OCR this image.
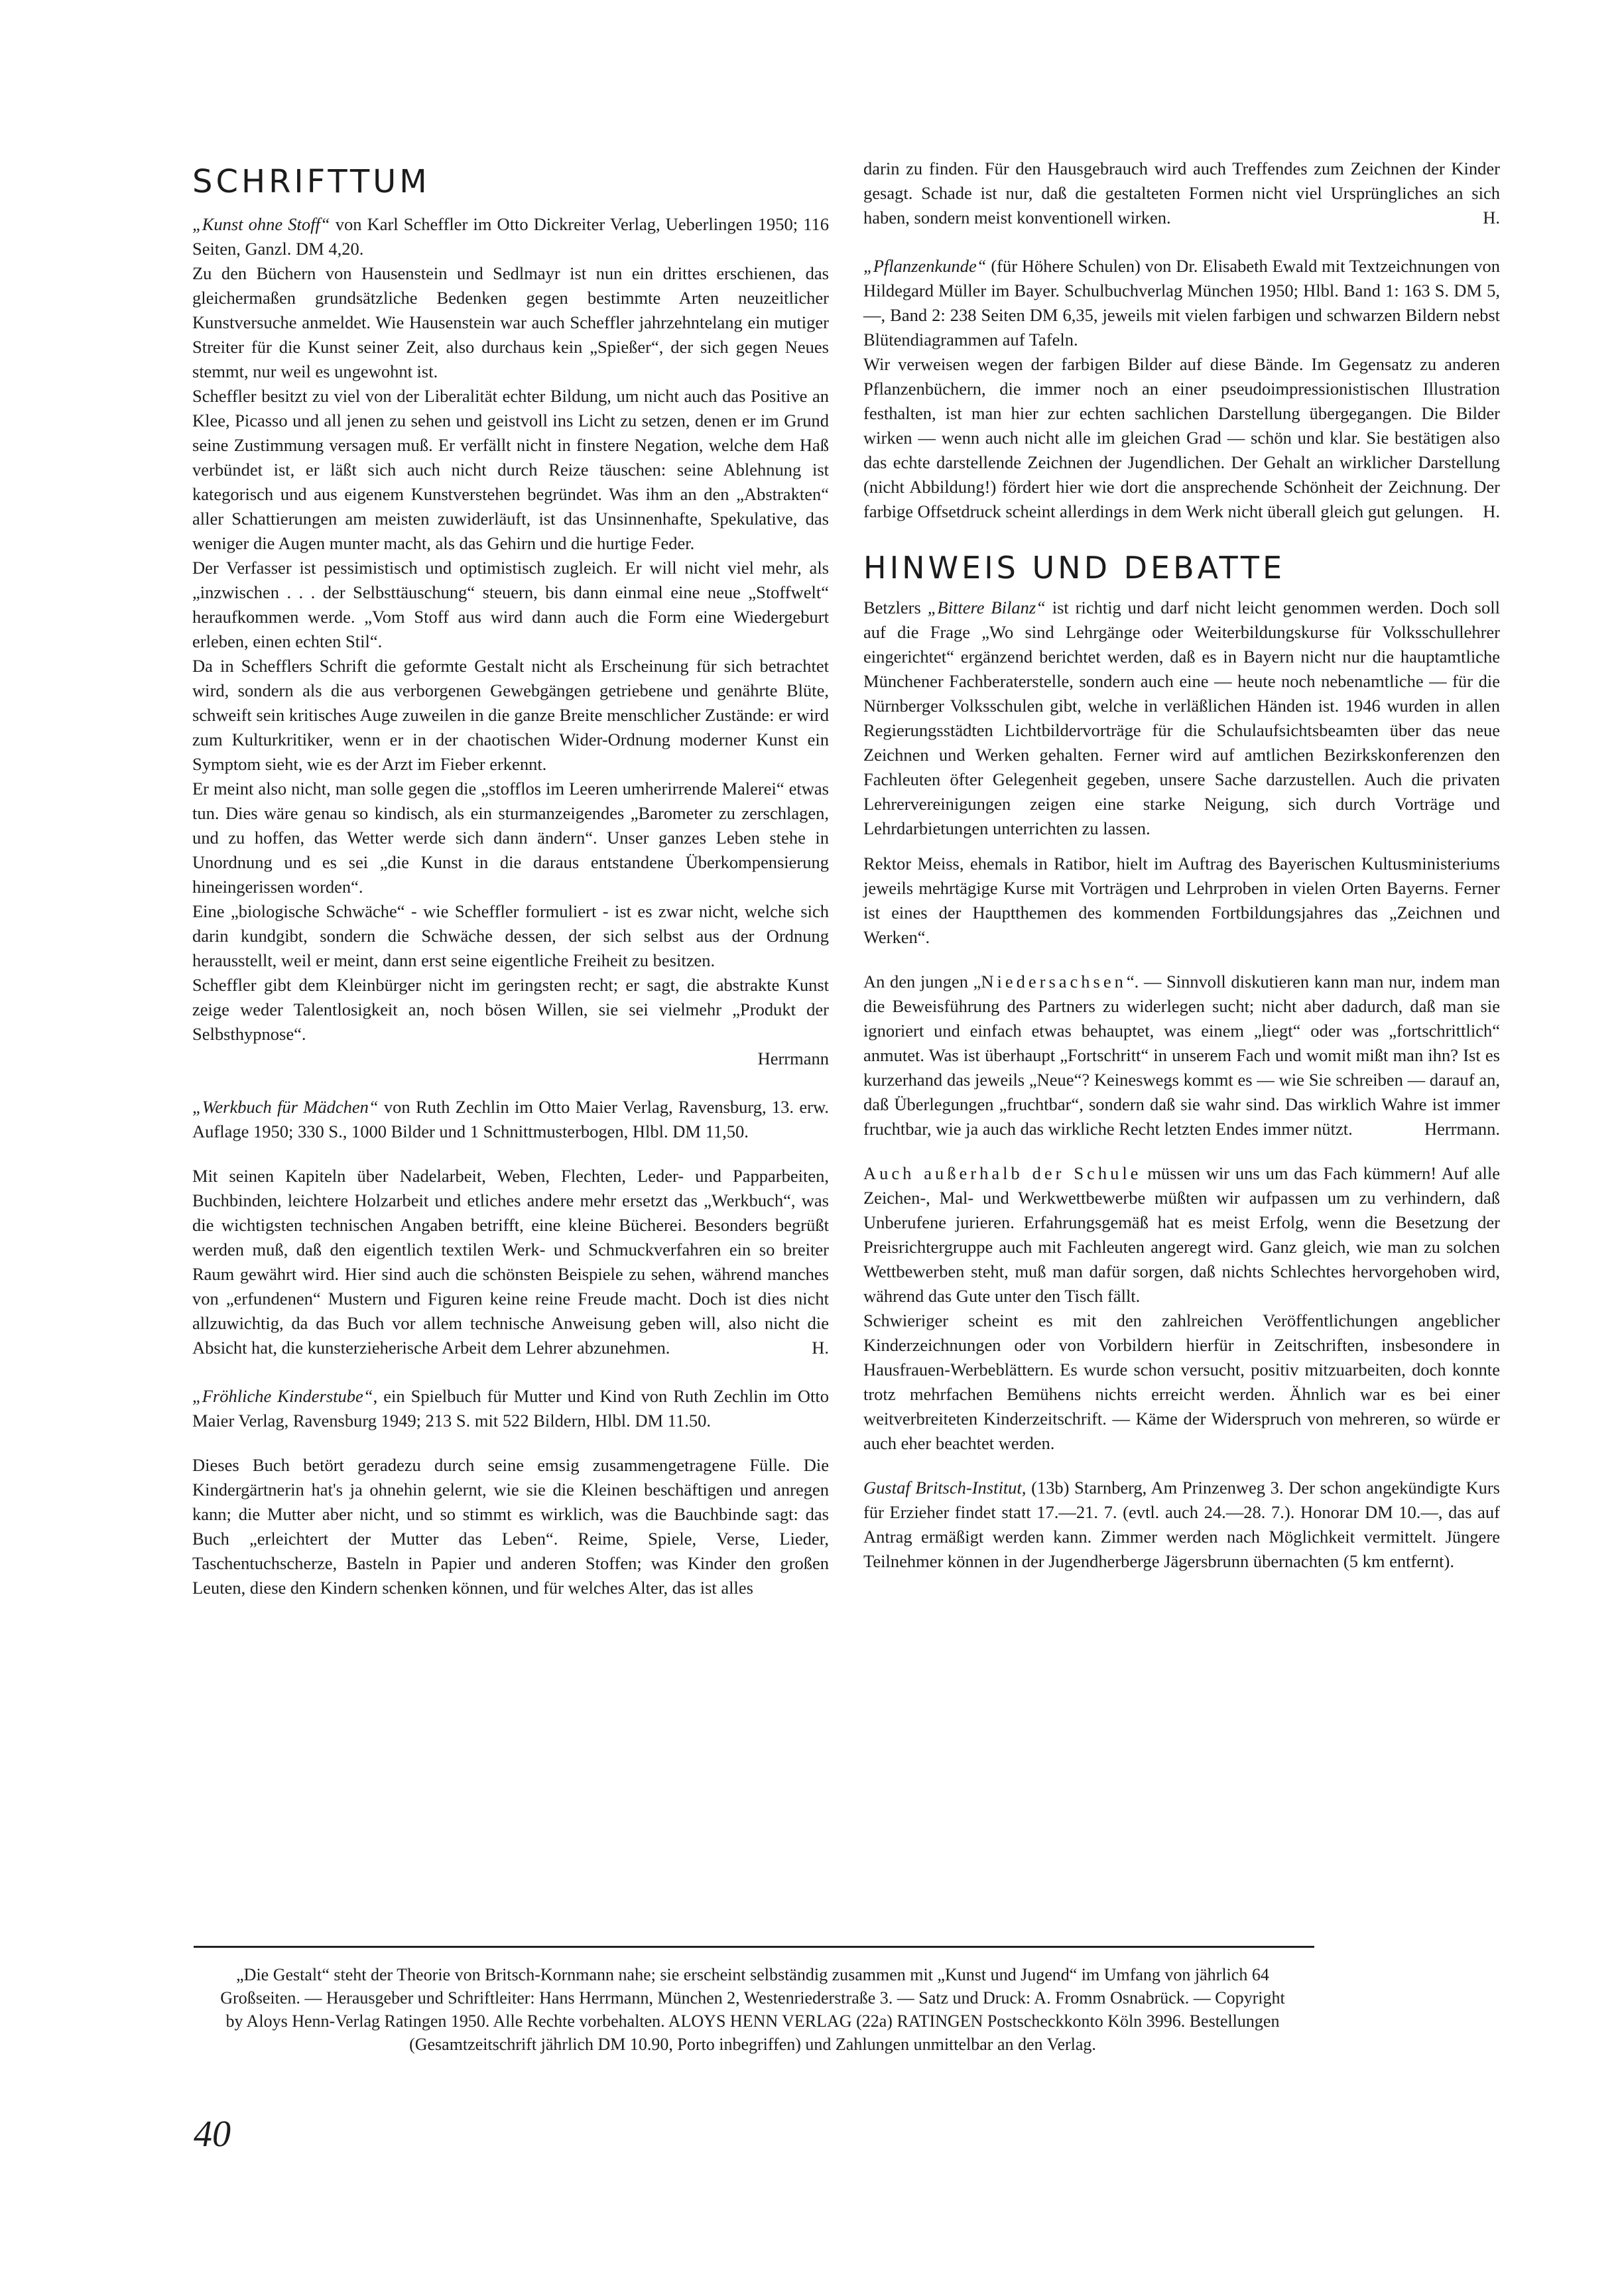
SCHRIFTTUM

„Kunst ohne Stoff“ von Karl Scheffler im Otto Dickreiter Verlag, Ueberlingen 1950; 116 Seiten, Ganzl. DM 4,20.

Zu den Büchern von Hausenstein und Sedlmayr ist nun ein drittes erschienen, das gleichermaßen grundsätzliche Bedenken gegen bestimmte Arten neuzeitlicher Kunstversuche anmeldet. Wie Hausenstein war auch Scheffler jahrzehntelang ein mutiger Streiter für die Kunst seiner Zeit, also durchaus kein „Spießer“, der sich gegen Neues stemmt, nur weil es ungewohnt ist.

Scheffler besitzt zu viel von der Liberalität echter Bildung, um nicht auch das Positive an Klee, Picasso und all jenen zu sehen und geistvoll ins Licht zu setzen, denen er im Grund seine Zustimmung versagen muß. Er verfällt nicht in finstere Negation, welche dem Haß verbündet ist, er läßt sich auch nicht durch Reize täuschen: seine Ablehnung ist kategorisch und aus eigenem Kunstverstehen begründet. Was ihm an den „Abstrakten“ aller Schattierungen am meisten zuwiderläuft, ist das Unsinnenhafte, Spekulative, das weniger die Augen munter macht, als das Gehirn und die hurtige Feder.

Der Verfasser ist pessimistisch und optimistisch zugleich. Er will nicht viel mehr, als „inzwischen . . . der Selbsttäuschung“ steuern, bis dann einmal eine neue „Stoffwelt“ heraufkommen werde. „Vom Stoff aus wird dann auch die Form eine Wiedergeburt erleben, einen echten Stil“.

Da in Schefflers Schrift die geformte Gestalt nicht als Erscheinung für sich betrachtet wird, sondern als die aus verborgenen Gewebgängen getriebene und genährte Blüte, schweift sein kritisches Auge zuweilen in die ganze Breite menschlicher Zustände: er wird zum Kulturkritiker, wenn er in der chaotischen Wider-Ordnung moderner Kunst ein Symptom sieht, wie es der Arzt im Fieber erkennt.

Er meint also nicht, man solle gegen die „stofflos im Leeren umherirrende Malerei“ etwas tun. Dies wäre genau so kindisch, als ein sturmanzeigendes „Barometer zu zerschlagen, und zu hoffen, das Wetter werde sich dann ändern“. Unser ganzes Leben stehe in Unordnung und es sei „die Kunst in die daraus entstandene Überkompensierung hineingerissen worden“.

Eine „biologische Schwäche“ - wie Scheffler formuliert - ist es zwar nicht, welche sich darin kundgibt, sondern die Schwäche dessen, der sich selbst aus der Ordnung herausstellt, weil er meint, dann erst seine eigentliche Freiheit zu besitzen.

Scheffler gibt dem Kleinbürger nicht im geringsten recht; er sagt, die abstrakte Kunst zeige weder Talentlosigkeit an, noch bösen Willen, sie sei vielmehr „Produkt der Selbsthypnose“.

Herrmann

„Werkbuch für Mädchen“ von Ruth Zechlin im Otto Maier Verlag, Ravensburg, 13. erw. Auflage 1950; 330 S., 1000 Bilder und 1 Schnittmusterbogen, Hlbl. DM 11,50.

Mit seinen Kapiteln über Nadelarbeit, Weben, Flechten, Leder- und Papparbeiten, Buchbinden, leichtere Holzarbeit und etliches andere mehr ersetzt das „Werkbuch“, was die wichtigsten technischen Angaben betrifft, eine kleine Bücherei. Besonders begrüßt werden muß, daß den eigentlich textilen Werk- und Schmuckverfahren ein so breiter Raum gewährt wird. Hier sind auch die schönsten Beispiele zu sehen, während manches von „erfundenen“ Mustern und Figuren keine reine Freude macht. Doch ist dies nicht allzuwichtig, da das Buch vor allem technische Anweisung geben will, also nicht die Absicht hat, die kunsterzieherische Arbeit dem Lehrer abzunehmen.	H.

„Fröhliche Kinderstube“, ein Spielbuch für Mutter und Kind von Ruth Zechlin im Otto Maier Verlag, Ravensburg 1949; 213 S. mit 522 Bildern, Hlbl. DM 11.50.

Dieses Buch betört geradezu durch seine emsig zusammengetragene Fülle. Die Kindergärtnerin hat's ja ohnehin gelernt, wie sie die Kleinen beschäftigen und anregen kann; die Mutter aber nicht, und so stimmt es wirklich, was die Bauchbinde sagt: das Buch „erleichtert der Mutter das Leben“. Reime, Spiele, Verse, Lieder, Taschentuchscherze, Basteln in Papier und anderen Stoffen; was Kinder den großen Leuten, diese den Kindern schenken können, und für welches Alter, das ist alles

darin zu finden. Für den Hausgebrauch wird auch Treffendes zum Zeichnen der Kinder gesagt. Schade ist nur, daß die gestalteten Formen nicht viel Ursprüngliches an sich haben, sondern meist konventionell wirken.	H.

„Pflanzenkunde“ (für Höhere Schulen) von Dr. Elisabeth Ewald mit Textzeichnungen von Hildegard Müller im Bayer. Schulbuchverlag München 1950; Hlbl. Band 1: 163 S. DM 5,—, Band 2: 238 Seiten DM 6,35, jeweils mit vielen farbigen und schwarzen Bildern nebst Blütendiagrammen auf Tafeln.

Wir verweisen wegen der farbigen Bilder auf diese Bände. Im Gegensatz zu anderen Pflanzenbüchern, die immer noch an einer pseudoimpressionistischen Illustration festhalten, ist man hier zur echten sachlichen Darstellung übergegangen. Die Bilder wirken — wenn auch nicht alle im gleichen Grad — schön und klar. Sie bestätigen also das echte darstellende Zeichnen der Jugendlichen. Der Gehalt an wirklicher Darstellung (nicht Abbildung!) fördert hier wie dort die ansprechende Schönheit der Zeichnung. Der farbige Offsetdruck scheint allerdings in dem Werk nicht überall gleich gut gelungen. H.

HINWEIS UND DEBATTE

Betzlers „Bittere Bilanz“ ist richtig und darf nicht leicht genommen werden. Doch soll auf die Frage „Wo sind Lehrgänge oder Weiterbildungskurse für Volksschullehrer eingerichtet“ ergänzend berichtet werden, daß es in Bayern nicht nur die hauptamtliche Münchener Fachberaterstelle, sondern auch eine — heute noch nebenamtliche — für die Nürnberger Volksschulen gibt, welche in verläßlichen Händen ist. 1946 wurden in allen Regierungsstädten Lichtbildervorträge für die Schulaufsichtsbeamten über das neue Zeichnen und Werken gehalten. Ferner wird auf amtlichen Bezirkskonferenzen den Fachleuten öfter Gelegenheit gegeben, unsere Sache darzustellen. Auch die privaten Lehrervereinigungen zeigen eine starke Neigung, sich durch Vorträge und Lehrdarbietungen unterrichten zu lassen.

Rektor Meiss, ehemals in Ratibor, hielt im Auftrag des Bayerischen Kultusministeriums jeweils mehrtägige Kurse mit Vorträgen und Lehrproben in vielen Orten Bayerns. Ferner ist eines der Hauptthemen des kommenden Fortbildungsjahres das „Zeichnen und Werken“.

An den jungen „Niedersachsen“. — Sinnvoll diskutieren kann man nur, indem man die Beweisführung des Partners zu widerlegen sucht; nicht aber dadurch, daß man sie ignoriert und einfach etwas behauptet, was einem „liegt“ oder was „fortschrittlich“ anmutet. Was ist überhaupt „Fortschritt“ in unserem Fach und womit mißt man ihn? Ist es kurzerhand das jeweils „Neue“? Keineswegs kommt es — wie Sie schreiben — darauf an, daß Überlegungen „fruchtbar“, sondern daß sie wahr sind. Das wirklich Wahre ist immer fruchtbar, wie ja auch das wirkliche Recht letzten Endes immer nützt.	Herrmann.

Auch außerhalb der Schule müssen wir uns um das Fach kümmern! Auf alle Zeichen-, Mal- und Werkwettbewerbe müßten wir aufpassen um zu verhindern, daß Unberufene jurieren. Erfahrungsgemäß hat es meist Erfolg, wenn die Besetzung der Preisrichtergruppe auch mit Fachleuten angeregt wird. Ganz gleich, wie man zu solchen Wettbewerben steht, muß man dafür sorgen, daß nichts Schlechtes hervorgehoben wird, während das Gute unter den Tisch fällt.

Schwieriger scheint es mit den zahlreichen Veröffentlichungen angeblicher Kinderzeichnungen oder von Vorbildern hierfür in Zeitschriften, insbesondere in Hausfrauen-Werbeblättern. Es wurde schon versucht, positiv mitzuarbeiten, doch konnte trotz mehrfachen Bemühens nichts erreicht werden. Ähnlich war es bei einer weitverbreiteten Kinderzeitschrift. — Käme der Widerspruch von mehreren, so würde er auch eher beachtet werden.

Gustaf Britsch-Institut, (13b) Starnberg, Am Prinzenweg 3. Der schon angekündigte Kurs für Erzieher findet statt 17.—21. 7. (evtl. auch 24.—28. 7.). Honorar DM 10.—, das auf Antrag ermäßigt werden kann. Zimmer werden nach Möglichkeit vermittelt. Jüngere Teilnehmer können in der Jugendherberge Jägersbrunn übernachten (5 km entfernt).

„Die Gestalt“ steht der Theorie von Britsch-Kornmann nahe; sie erscheint selbständig zusammen mit „Kunst und Jugend“ im Umfang von jährlich 64 Großseiten. — Herausgeber und Schriftleiter: Hans Herrmann, München 2, Westenriederstraße 3. — Satz und Druck: A. Fromm Osnabrück. — Copyright by Aloys Henn-Verlag Ratingen 1950. Alle Rechte vorbehalten. ALOYS HENN VERLAG (22a) RATINGEN Postscheckkonto Köln 3996. Bestellungen (Gesamtzeitschrift jährlich DM 10.90, Porto inbegriffen) und Zahlungen unmittelbar an den Verlag.
40
